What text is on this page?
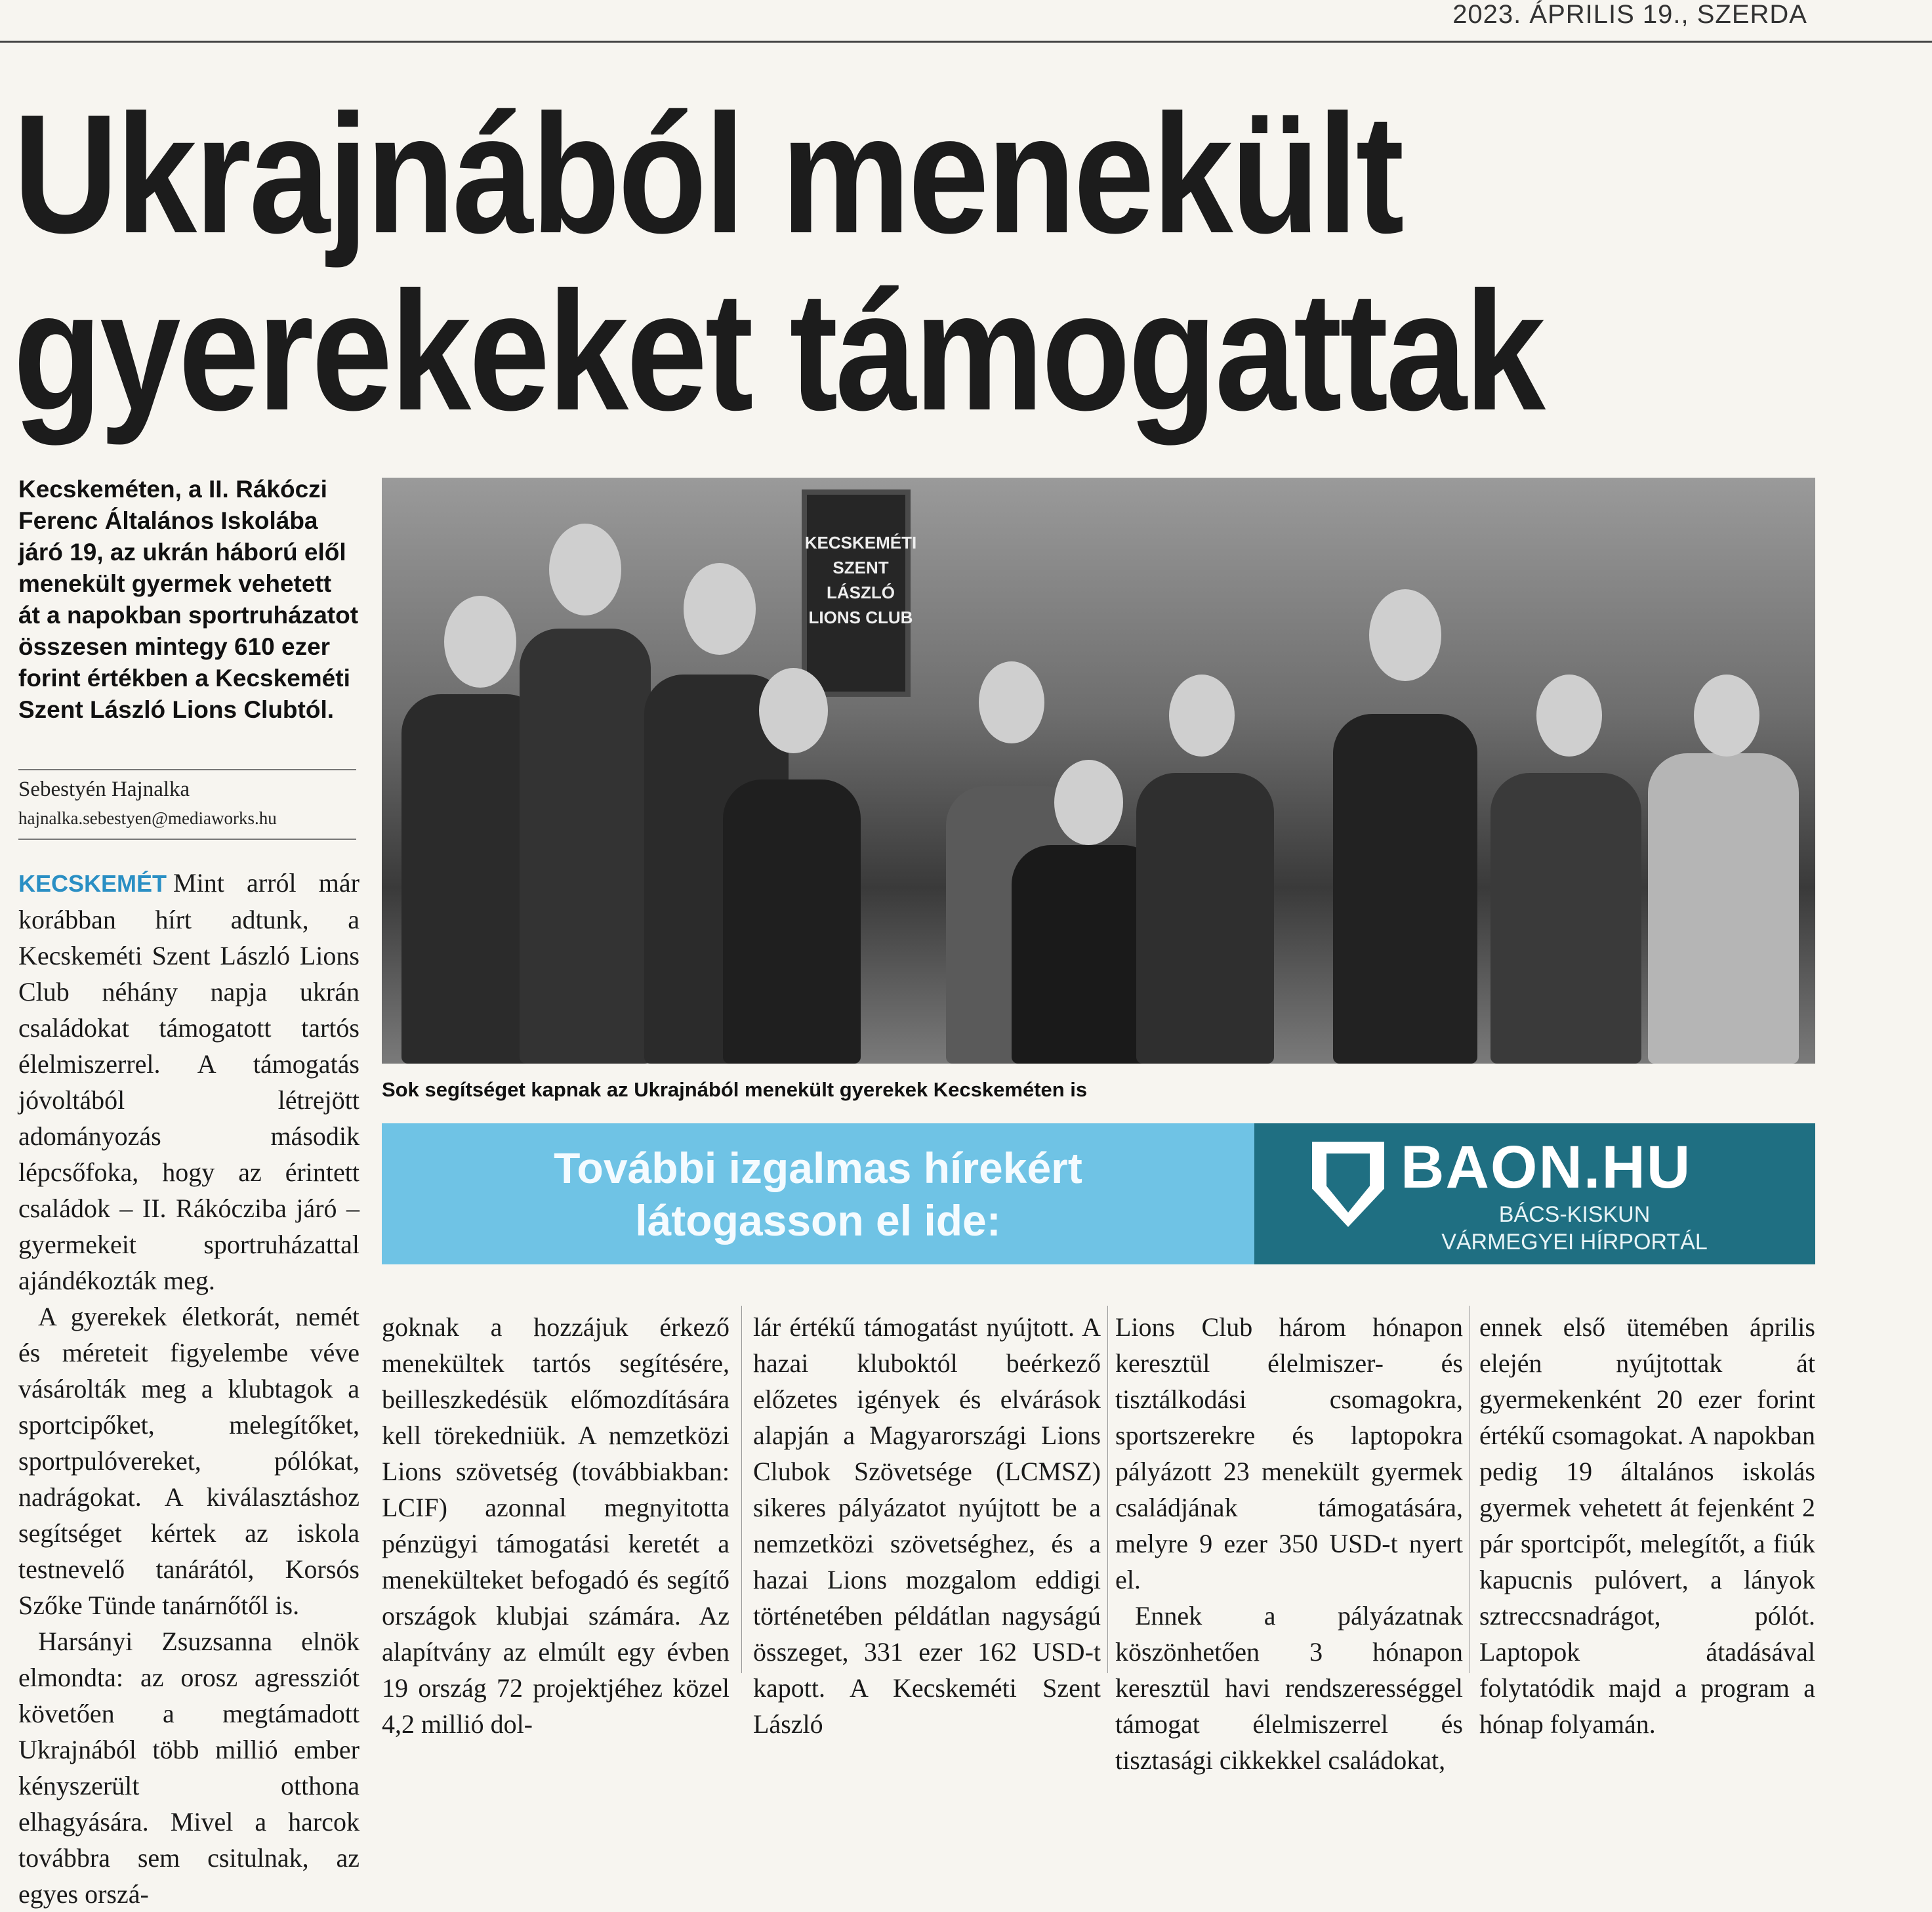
2023. ÁPRILIS 19., SZERDA
Ukrajnából menekült
gyerekeket támogattak
Kecskeméten, a II. Rákóczi Ferenc Általános Iskolába járó 19, az ukrán háború elől menekült gyermek vehetett át a napokban sportruházatot összesen mintegy 610 ezer forint értékben a Kecskeméti Szent László Lions Clubtól.
Sebestyén Hajnalka
hajnalka.sebestyen@mediaworks.hu

KECSKEMÉT Mint arról már korábban hírt adtunk, a Kecskeméti Szent László Lions Club néhány napja ukrán családokat támogatott tartós élelmiszerrel. A támogatás jóvoltából létrejött adományozás második lépcsőfoka, hogy az érintett családok – II. Rákócziba járó – gyermekeit sportruházattal ajándékozták meg.

A gyerekek életkorát, nemét és méreteit figyelembe véve vásárolták meg a klubtagok a sportcipőket, melegítőket, sportpulóvereket, pólókat, nadrágokat. A kiválasztáshoz segítséget kértek az iskola testnevelő tanárától, Korsós Szőke Tünde tanárnőtől is.

Harsányi Zsuzsanna elnök elmondta: az orosz agressziót követően a megtámadott Ukrajnából több millió ember kényszerült otthona elhagyására. Mivel a harcok továbbra sem csitulnak, az egyes orszá-

KECSKEMÉTI
SZENT LÁSZLÓ
LIONS CLUB
Sok segítséget kapnak az Ukrajnából menekült gyerekek Kecskeméten is
További izgalmas hírekért
látogasson el ide:
BAON.HU
BÁCS-KISKUN
VÁRMEGYEI HÍRPORTÁL

goknak a hozzájuk érkező menekültek tartós segítésére, beilleszkedésük előmozdítására kell törekedniük. A nemzetközi Lions szövetség (továbbiakban: LCIF) azonnal megnyitotta pénzügyi támogatási keretét a menekülteket befogadó és segítő országok klubjai számára. Az alapítvány az elmúlt egy évben 19 ország 72 projektjéhez közel 4,2 millió dol-

lár értékű támogatást nyújtott. A hazai kluboktól beérkező előzetes igények és elvárások alapján a Magyarországi Lions Clubok Szövetsége (LCMSZ) sikeres pályázatot nyújtott be a nemzetközi szövetséghez, és a hazai Lions mozgalom eddigi történetében példátlan nagyságú összeget, 331 ezer 162 USD-t kapott. A Kecskeméti Szent László

Lions Club három hónapon keresztül élelmiszer- és tisztálkodási csomagokra, sportszerekre és laptopokra pályázott 23 menekült gyermek családjának támogatására, melyre 9 ezer 350 USD-t nyert el.

Ennek a pályázatnak köszönhetően 3 hónapon keresztül havi rendszerességgel támogat élelmiszerrel és tisztasági cikkekkel családokat,

ennek első ütemében április elején nyújtottak át gyermekenként 20 ezer forint értékű csomagokat. A napokban pedig 19 általános iskolás gyermek vehetett át fejenként 2 pár sportcipőt, melegítőt, a fiúk kapucnis pulóvert, a lányok sztreccsnadrágot, pólót. Laptopok átadásával folytatódik majd a program a hónap folyamán.
